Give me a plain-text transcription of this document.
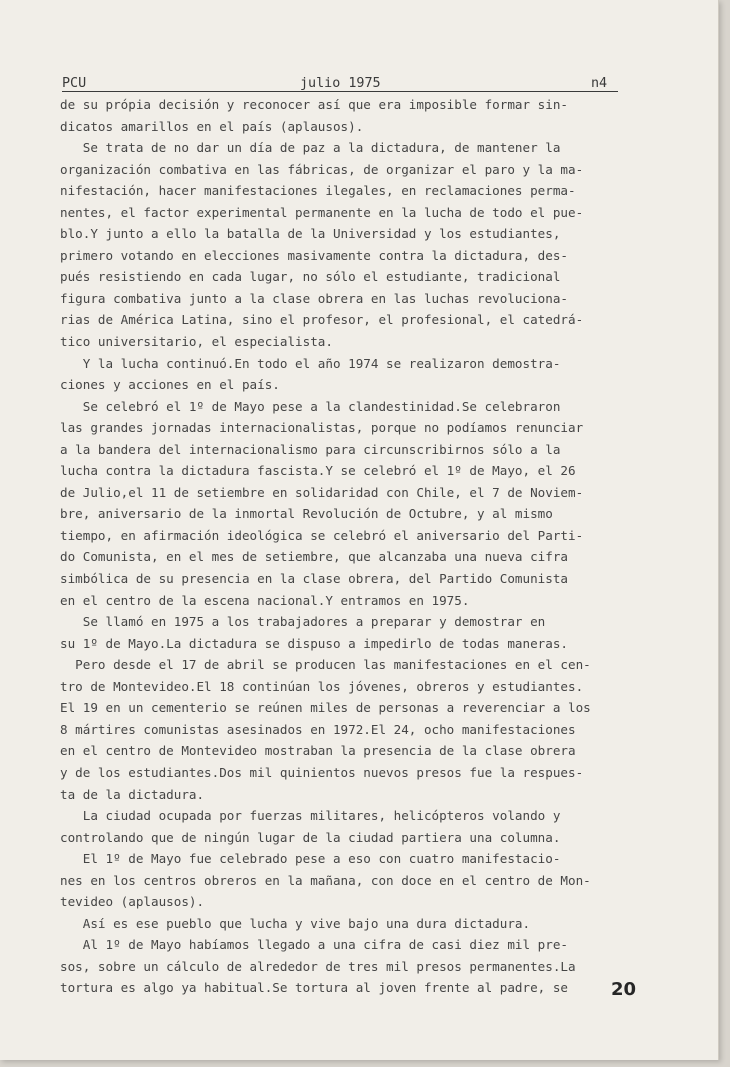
PCU	julio 1975	n4
de su própia decisión y reconocer así que era imposible formar sin-
dicatos amarillos en el país (aplausos).
Se trata de no dar un día de paz a la dictadura, de mantener la
organización combativa en las fábricas, de organizar el paro y la ma-
nifestación, hacer manifestaciones ilegales, en reclamaciones perma-
nentes, el factor experimental permanente en la lucha de todo el pue-
blo.Y junto a ello la batalla de la Universidad y los estudiantes,
primero votando en elecciones masivamente contra la dictadura, des-
pués resistiendo en cada lugar, no sólo el estudiante, tradicional
figura combativa junto a la clase obrera en las luchas revoluciona-
rias de América Latina, sino el profesor, el profesional, el catedrá-
tico universitario, el especialista.
Y la lucha continuó.En todo el año 1974 se realizaron demostra-
ciones y acciones en el país.
Se celebró el 1º de Mayo pese a la clandestinidad.Se celebraron
las grandes jornadas internacionalistas, porque no podíamos renunciar
a la bandera del internacionalismo para circunscribirnos sólo a la
lucha contra la dictadura fascista.Y se celebró el 1º de Mayo, el 26
de Julio,el 11 de setiembre en solidaridad con Chile, el 7 de Noviem-
bre, aniversario de la inmortal Revolución de Octubre, y al mismo
tiempo, en afirmación ideológica se celebró el aniversario del Parti-
do Comunista, en el mes de setiembre, que alcanzaba una nueva cifra
simbólica de su presencia en la clase obrera, del Partido Comunista
en el centro de la escena nacional.Y entramos en 1975.
Se llamó en 1975 a los trabajadores a preparar y demostrar en
su 1º de Mayo.La dictadura se dispuso a impedirlo de todas maneras.
Pero desde el 17 de abril se producen las manifestaciones en el cen-
tro de Montevideo.El 18 continúan los jóvenes, obreros y estudiantes.
El 19 en un cementerio se reúnen miles de personas a reverenciar a los
8 mártires comunistas asesinados en 1972.El 24, ocho manifestaciones
en el centro de Montevideo mostraban la presencia de la clase obrera
y de los estudiantes.Dos mil quinientos nuevos presos fue la respues-
ta de la dictadura.
La ciudad ocupada por fuerzas militares, helicópteros volando y
controlando que de ningún lugar de la ciudad partiera una columna.
El 1º de Mayo fue celebrado pese a eso con cuatro manifestacio-
nes en los centros obreros en la mañana, con doce en el centro de Mon-
tevideo (aplausos).
Así es ese pueblo que lucha y vive bajo una dura dictadura.
Al 1º de Mayo habíamos llegado a una cifra de casi diez mil pre-
sos, sobre un cálculo de alrededor de tres mil presos permanentes.La
tortura es algo ya habitual.Se tortura al joven frente al padre, se	20
